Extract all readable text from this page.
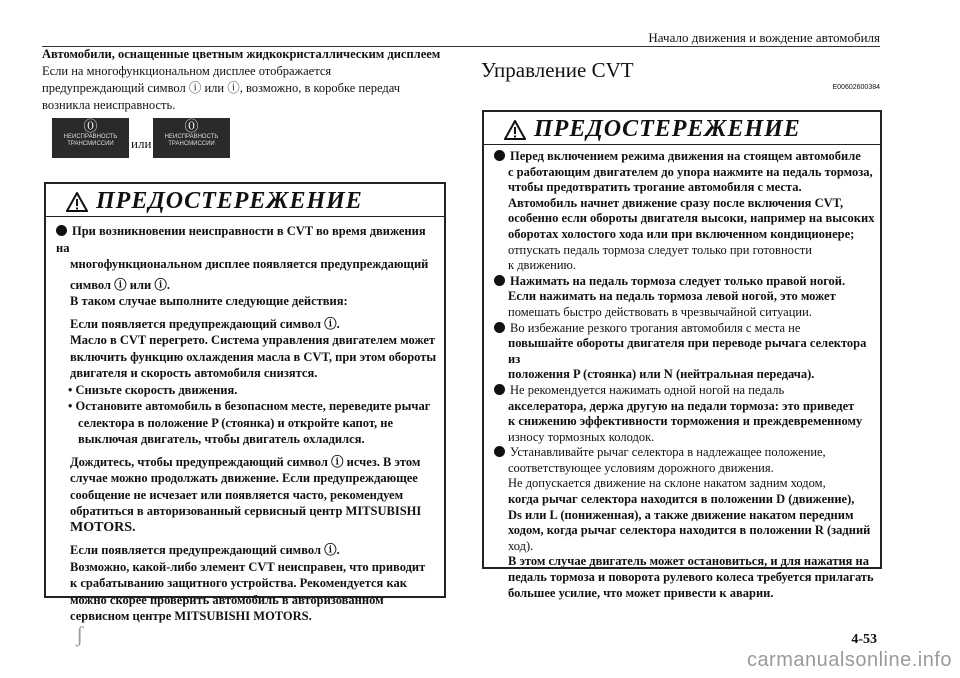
Начало движения и вождение автомобиля
Автомобили, оснащенные цветным жидкокристаллическим дисплеем
Если на многофункциональном дисплее отображается
предупреждающий символ ⓘ или ⓘ, возможно, в коробке передач
возникла неисправность.
⓪
НЕИСПРАВНОСТЬ ТРАНСМИССИИ	или
⓪
НЕИСПРАВНОСТЬ ТРАНСМИССИИ
ПРЕДОСТЕРЕЖЕНИЕ

При возникновении неисправности в CVT во время движения на

многофункциональном дисплее появляется предупреждающий

символ ⓘ или ⓘ.

В таком случае выполните следующие действия:

Если появляется предупреждающий символ ⓘ.

Масло в CVT перегрето. Система управления двигателем может

включить функцию охлаждения масла в CVT, при этом обороты

двигателя и скорость автомобиля снизятся.

• Снизьте скорость движения.

• Остановите автомобиль в безопасном месте, переведите рычаг

селектора в положение P (стоянка) и откройте капот, не

выключая двигатель, чтобы двигатель охладился.

Дождитесь, чтобы предупреждающий символ ⓘ исчез. В этом

случае можно продолжать движение. Если предупреждающее

сообщение не исчезает или появляется часто, рекомендуем

обратиться в авторизованный сервисный центр MITSUBISHI

MOTORS.

Если появляется предупреждающий символ ⓘ.

Возможно, какой-либо элемент CVT неисправен, что приводит

к срабатыванию защитного устройства. Рекомендуется как

можно скорее проверить автомобиль в авторизованном

сервисном центре MITSUBISHI MOTORS.

ʃ
Управление CVT
E00602600384
ПРЕДОСТЕРЕЖЕНИЕ

Перед включением режима движения на стоящем автомобиле

с работающим двигателем до упора нажмите на педаль тормоза,

чтобы предотвратить трогание автомобиля с места.

Автомобиль начнет движение сразу после включения CVT,

особенно если обороты двигателя высоки, например на высоких

оборотах холостого хода или при включенном кондиционере;

отпускать педаль тормоза следует только при готовности

к движению.

Нажимать на педаль тормоза следует только правой ногой.

Если нажимать на педаль тормоза левой ногой, это может

помешать быстро действовать в чрезвычайной ситуации.

Во избежание резкого трогания автомобиля с места не

повышайте обороты двигателя при переводе рычага селектора из

положения P (стоянка) или N (нейтральная передача).

Не рекомендуется нажимать одной ногой на педаль

акселератора, держа другую на педали тормоза: это приведет

к снижению эффективности торможения и преждевременному

износу тормозных колодок.

Устанавливайте рычаг селектора в надлежащее положение,

соответствующее условиям дорожного движения.

Не допускается движение на склоне накатом задним ходом,

когда рычаг селектора находится в положении D (движение),

Ds или L (пониженная), а также движение накатом передним

ходом, когда рычаг селектора находится в положении R (задний

ход).

В этом случае двигатель может остановиться, и для нажатия на

педаль тормоза и поворота рулевого колеса требуется прилагать

большее усилие, что может привести к аварии.

4-53
carmanualsonline.info
